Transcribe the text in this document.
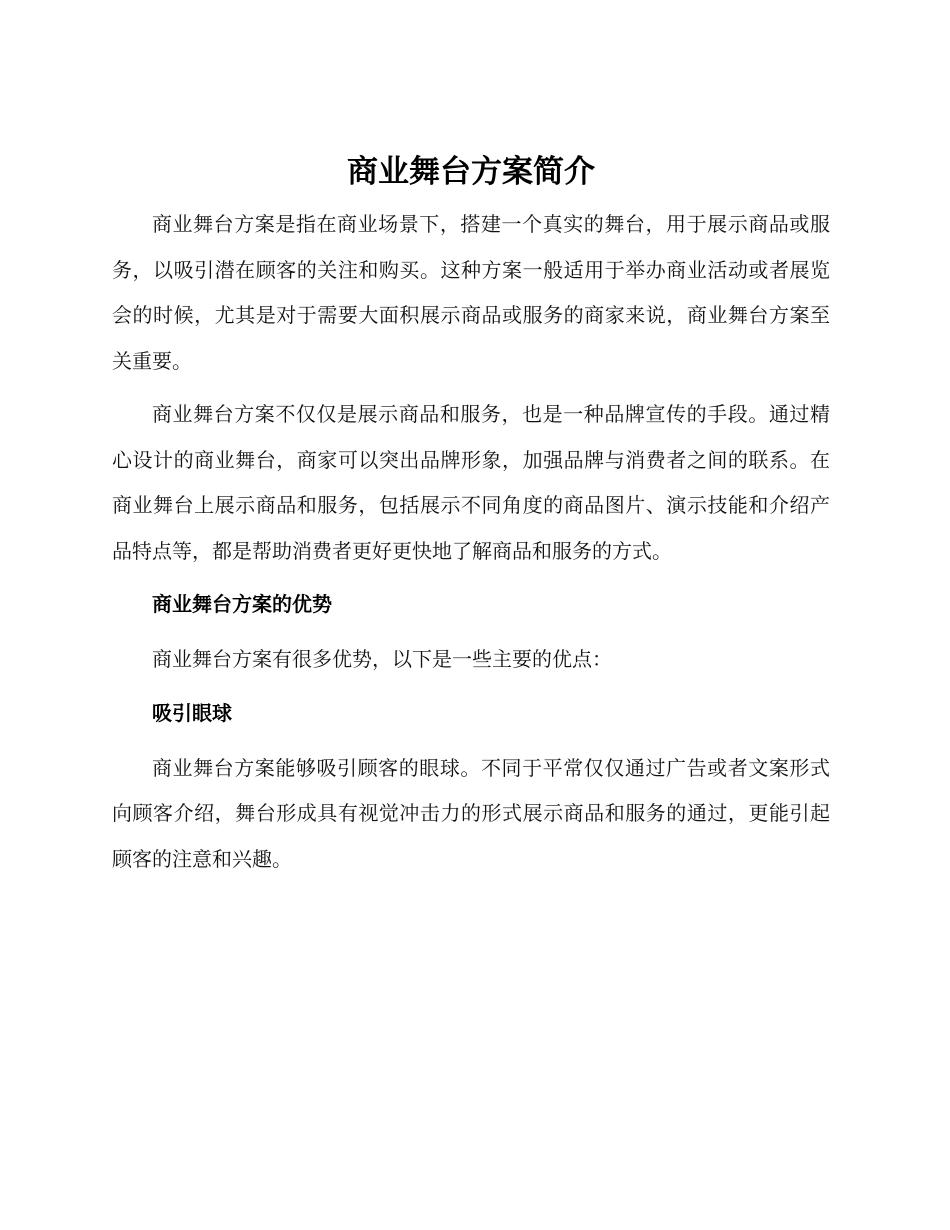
商业舞台方案简介

商业舞台方案是指在商业场景下，搭建一个真实的舞台，用于展示商品或服务，以吸引潜在顾客的关注和购买。这种方案一般适用于举办商业活动或者展览会的时候，尤其是对于需要大面积展示商品或服务的商家来说，商业舞台方案至关重要。

商业舞台方案不仅仅是展示商品和服务，也是一种品牌宣传的手段。通过精心设计的商业舞台，商家可以突出品牌形象，加强品牌与消费者之间的联系。在商业舞台上展示商品和服务，包括展示不同角度的商品图片、演示技能和介绍产品特点等，都是帮助消费者更好更快地了解商品和服务的方式。

商业舞台方案的优势

商业舞台方案有很多优势，以下是一些主要的优点：

吸引眼球

商业舞台方案能够吸引顾客的眼球。不同于平常仅仅通过广告或者文案形式向顾客介绍，舞台形成具有视觉冲击力的形式展示商品和服务的通过，更能引起顾客的注意和兴趣。
